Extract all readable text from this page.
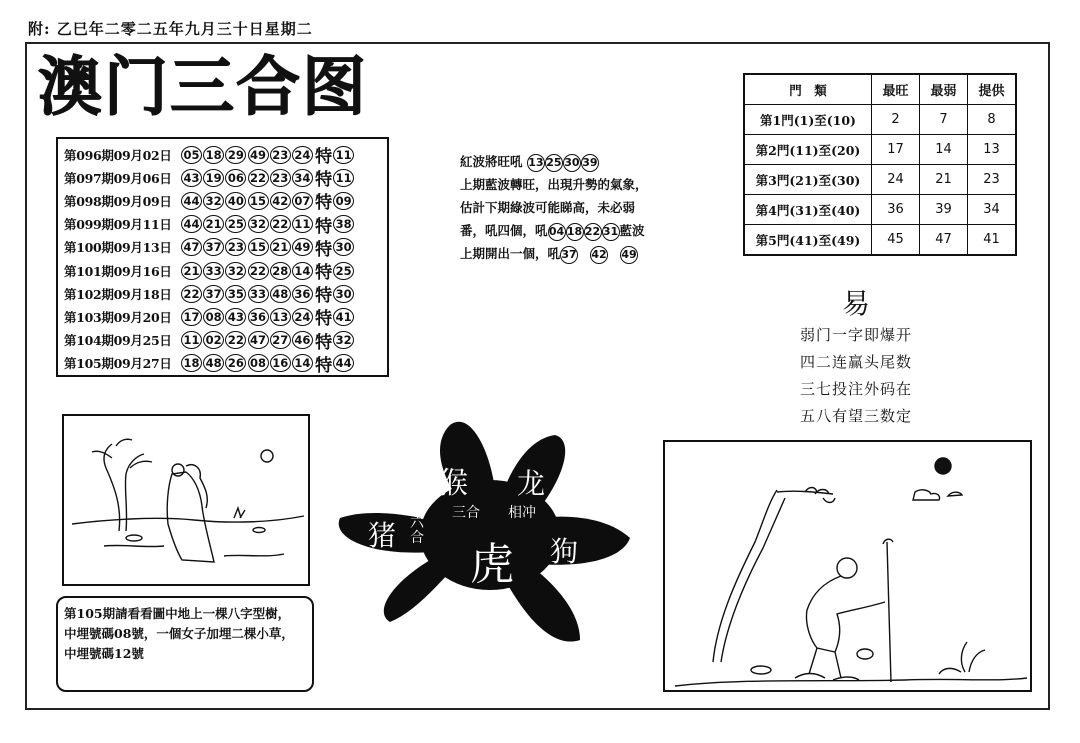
附: 乙巳年二零二五年九月三十日星期二
澳门三合图
第096期09月02日	05 18 29 49 23 24 特 11
第097期09月06日	43 19 06 22 23 34 特 11
第098期09月09日	44 32 40 15 42 07 特 09
第099期09月11日	44 21 25 32 22 11 特 38
第100期09月13日	47 37 23 15 21 49 特 30
第101期09月16日	21 33 32 22 28 14 特 25
第102期09月18日	22 37 35 33 48 36 特 30
第103期09月20日	17 08 43 36 13 24 特 41
第104期09月25日	11 02 22 47 27 46 特 32
第105期09月27日	18 48 26 08 16 14 特 44
紅波將旺吼 13 25 30 39
上期藍波轉旺，出現升勢的氣象，
估計下期綠波可能睇高，未必弱
番，吼四個，吼04 18 22 31藍波
上期開出一個，吼37 42 49
門　類	最旺	最弱	提供
第1門(1)至(10)	2	7	8
第2門(11)至(20)	17	14	13
第3門(21)至(30)	24	21	23
第4門(31)至(40)	36	39	34
第5門(41)至(49)	45	47	41
易
弱门一字即爆开
四二连赢头尾数
三七投注外码在
五八有望三数定
第105期請看看圖中地上一棵八字型樹，
中埋號碼08號，一個女子加埋二棵小草，
中埋號碼12號
猴 龙
猪	狗
虎
三合 相冲
六合
